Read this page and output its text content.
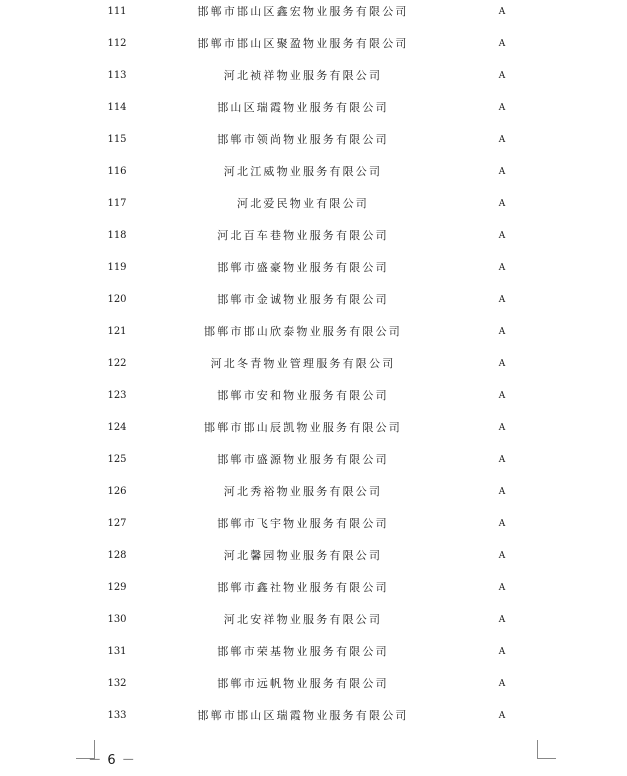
111	邯郸市邯山区鑫宏物业服务有限公司	A
112	邯郸市邯山区聚盈物业服务有限公司	A
113	河北祯祥物业服务有限公司	A
114	邯山区瑞霞物业服务有限公司	A
115	邯郸市领尚物业服务有限公司	A
116	河北江威物业服务有限公司	A
117	河北爱民物业有限公司	A
118	河北百车巷物业服务有限公司	A
119	邯郸市盛豪物业服务有限公司	A
120	邯郸市金诚物业服务有限公司	A
121	邯郸市邯山欣泰物业服务有限公司	A
122	河北冬青物业管理服务有限公司	A
123	邯郸市安和物业服务有限公司	A
124	邯郸市邯山辰凯物业服务有限公司	A
125	邯郸市盛源物业服务有限公司	A
126	河北秀裕物业服务有限公司	A
127	邯郸市飞宇物业服务有限公司	A
128	河北馨园物业服务有限公司	A
129	邯郸市鑫社物业服务有限公司	A
130	河北安祥物业服务有限公司	A
131	邯郸市荣基物业服务有限公司	A
132	邯郸市远帆物业服务有限公司	A
133	邯郸市邯山区瑞霞物业服务有限公司	A
－ 6 －
